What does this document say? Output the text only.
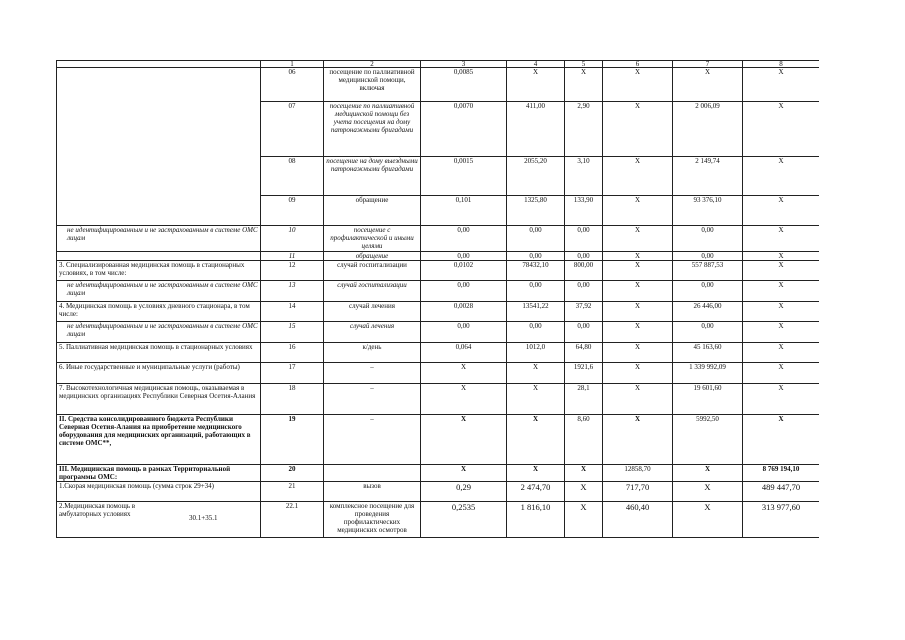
	1	2	3	4	5	6	7	8	
	06	посещение по паллиативной медицинской помощи, включая	0,0085	X	X	X	X	X	
	07	посещение по паллиативной медицинской помощи без учета посещения на дому патронажными бригадами	0,0070	411,00	2,90	X	2 006,09	X	
	08	посещение на дому выездными патронажными бригадами	0,0015	2055,20	3,10	X	2 149,74	X	
	09	обращение	0,101	1325,80	133,90	X	93 376,10	X	
не идентифицированным и не застрахованным в системе ОМС лицам	10	посещение с профилактической и иными целями	0,00	0,00	0,00	X	0,00	X	
	11	обращение	0,00	0,00	0,00	X	0,00	X	
3. Специализированная медицинская помощь в стационарных условиях, в том числе:	12	случай госпитализации	0,0102	78432,10	800,00	X	557 887,53	X	
не идентифицированным и не застрахованным в системе ОМС лицам	13	случай госпитализации	0,00	0,00	0,00	X	0,00	X	
4. Медицинская помощь в условиях дневного стационара, в том числе:	14	случай лечения	0,0028	13541,22	37,92	X	26 446,00	X	
не идентифицированным и не застрахованным в системе ОМС лицам	15	случай лечения	0,00	0,00	0,00	X	0,00	X	
5. Паллиативная медицинская помощь в стационарных условиях	16	к/день	0,064	1012,0	64,80	X	45 163,60	X	
6. Иные государственные и муниципальные услуги (работы)	17	–	X	X	1921,6	X	1 339 992,09	X	
7. Высокотехнологичная медицинская помощь, оказываемая в медицинских организациях Республики Северная Осетия-Алания	18	–	X	X	28,1	X	19 601,60	X	
II. Средства консолидированного бюджета Республики Северная Осетия-Алания на приобретение медицинского оборудования для медицинских организаций, работающих в системе ОМС**,	19	–	X	X	8,60	X	5992,50	X	
III. Медицинская помощь в рамках Территориальной программы ОМС:	20		X	X	X	12858,70	X	8 769 194,10	
1.Скорая медицинская помощь (сумма строк 29+34)	21	вызов	0,29	2 474,70	X	717,70	X	489 447,70	

2.Медицинская помощь в амбулаторных условиях 30.1+35.1	22.1	комплексное посещение для проведения профилактических медицинских осмотров	0,2535	1 816,10	X	460,40	X	313 977,60	
